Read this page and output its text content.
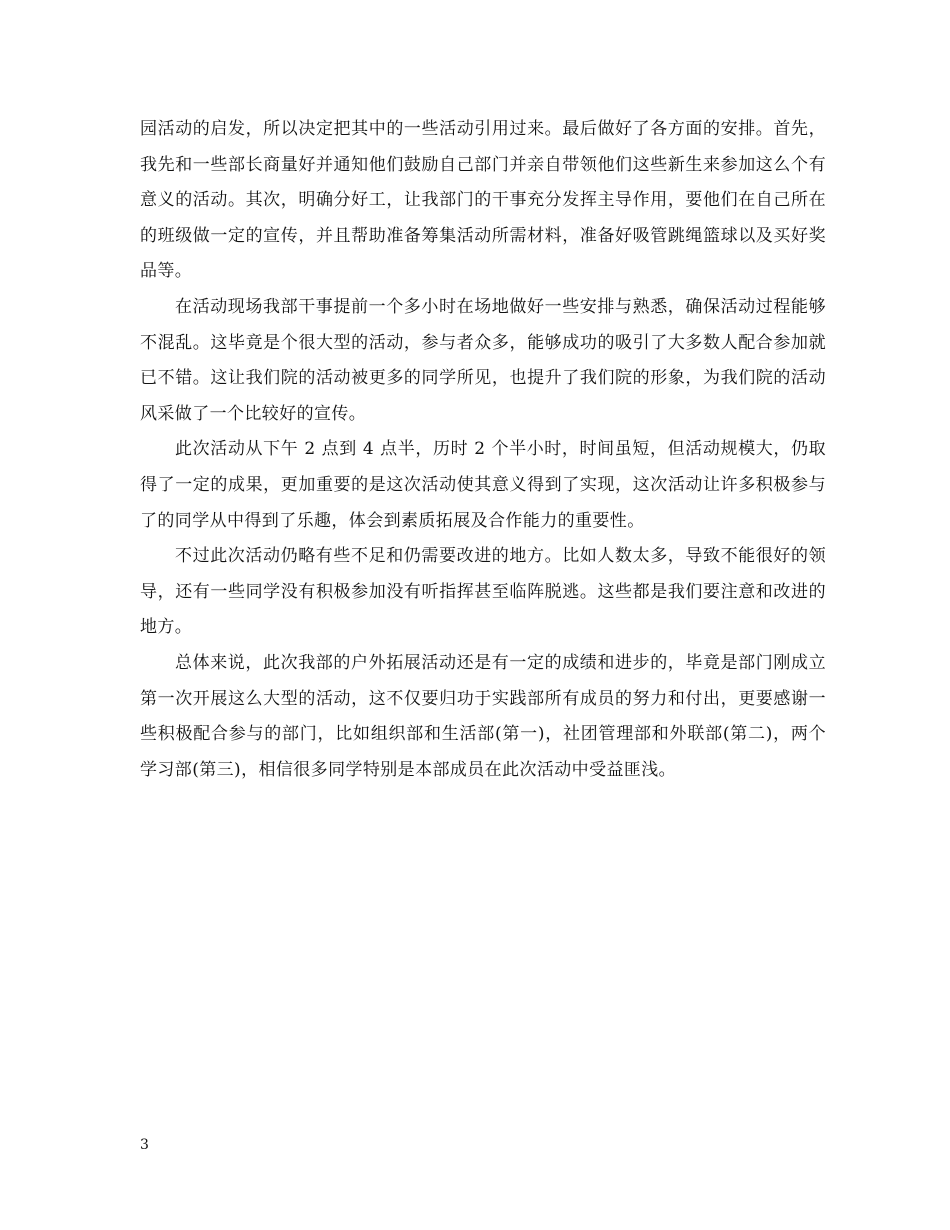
园活动的启发，所以决定把其中的一些活动引用过来。最后做好了各方面的安排。首先，我先和一些部长商量好并通知他们鼓励自己部门并亲自带领他们这些新生来参加这么个有意义的活动。其次，明确分好工，让我部门的干事充分发挥主导作用，要他们在自己所在的班级做一定的宣传，并且帮助准备筹集活动所需材料，准备好吸管跳绳篮球以及买好奖品等。

在活动现场我部干事提前一个多小时在场地做好一些安排与熟悉，确保活动过程能够不混乱。这毕竟是个很大型的活动，参与者众多，能够成功的吸引了大多数人配合参加就已不错。这让我们院的活动被更多的同学所见，也提升了我们院的形象，为我们院的活动风采做了一个比较好的宣传。

此次活动从下午 2 点到 4 点半，历时 2 个半小时，时间虽短，但活动规模大，仍取得了一定的成果，更加重要的是这次活动使其意义得到了实现，这次活动让许多积极参与了的同学从中得到了乐趣，体会到素质拓展及合作能力的重要性。

不过此次活动仍略有些不足和仍需要改进的地方。比如人数太多，导致不能很好的领导，还有一些同学没有积极参加没有听指挥甚至临阵脱逃。这些都是我们要注意和改进的地方。

总体来说，此次我部的户外拓展活动还是有一定的成绩和进步的，毕竟是部门刚成立第一次开展这么大型的活动，这不仅要归功于实践部所有成员的努力和付出，更要感谢一些积极配合参与的部门，比如组织部和生活部(第一)，社团管理部和外联部(第二)，两个学习部(第三)，相信很多同学特别是本部成员在此次活动中受益匪浅。

3
